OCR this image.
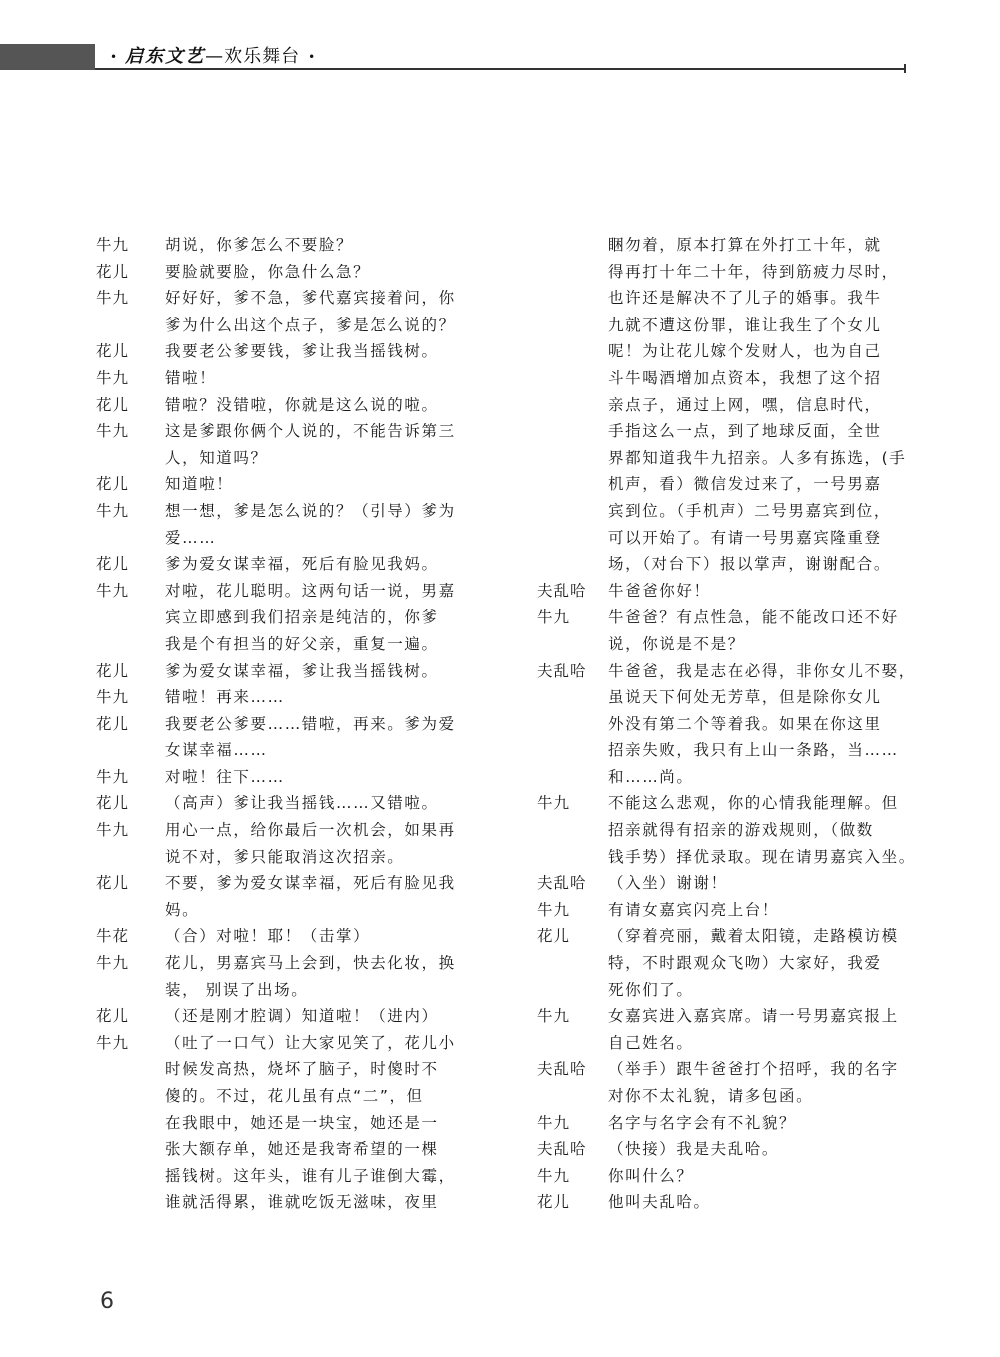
• 启东文艺—欢乐舞台 •
牛九	胡说，你爹怎么不要脸？
花儿	要脸就要脸，你急什么急？
牛九	好好好，爹不急，爹代嘉宾接着问，你
爹为什么出这个点子，爹是怎么说的？
花儿	我要老公爹要钱，爹让我当摇钱树。
牛九	错啦！
花儿	错啦？没错啦，你就是这么说的啦。
牛九	这是爹跟你俩个人说的，不能告诉第三
人，知道吗？
花儿	知道啦！
牛九	想一想，爹是怎么说的？（引导）爹为
爱……
花儿	爹为爱女谋幸福，死后有脸见我妈。
牛九	对啦，花儿聪明。这两句话一说，男嘉
宾立即感到我们招亲是纯洁的，你爹
我是个有担当的好父亲，重复一遍。
花儿	爹为爱女谋幸福，爹让我当摇钱树。
牛九	错啦！再来……
花儿	我要老公爹要……错啦，再来。爹为爱
女谋幸福……
牛九	对啦！往下……
花儿	（高声）爹让我当摇钱……又错啦。
牛九	用心一点，给你最后一次机会，如果再
说不对，爹只能取消这次招亲。
花儿	不要，爹为爱女谋幸福，死后有脸见我
妈。
牛花	（合）对啦！耶！（击掌）
牛九	花儿，男嘉宾马上会到，快去化妆，换
装， 别误了出场。
花儿	（还是刚才腔调）知道啦！（进内）
牛九	（吐了一口气）让大家见笑了，花儿小
时候发高热，烧坏了脑子，时傻时不
傻的。不过，花儿虽有点“二”，但
在我眼中，她还是一块宝，她还是一
张大额存单，她还是我寄希望的一棵
摇钱树。这年头，谁有儿子谁倒大霉，
谁就活得累，谁就吃饭无滋味，夜里
睏勿着，原本打算在外打工十年，就
得再打十年二十年，待到筋疲力尽时，
也许还是解决不了儿子的婚事。我牛
九就不遭这份罪，谁让我生了个女儿
呢！为让花儿嫁个发财人，也为自己
斗牛喝酒增加点资本，我想了这个招
亲点子，通过上网，嘿，信息时代，
手指这么一点，到了地球反面，全世
界都知道我牛九招亲。人多有拣选，(手
机声，看）微信发过来了，一号男嘉
宾到位。（手机声）二号男嘉宾到位，
可以开始了。有请一号男嘉宾隆重登
场，（对台下）报以掌声，谢谢配合。
夫乱哈	牛爸爸你好！
牛九	牛爸爸？有点性急，能不能改口还不好
说，你说是不是？
夫乱哈	牛爸爸，我是志在必得，非你女儿不娶，
虽说天下何处无芳草，但是除你女儿
外没有第二个等着我。如果在你这里
招亲失败，我只有上山一条路，当……
和……尚。
牛九	不能这么悲观，你的心情我能理解。但
招亲就得有招亲的游戏规则，（做数
钱手势）择优录取。现在请男嘉宾入坐。
夫乱哈	（入坐）谢谢！
牛九	有请女嘉宾闪亮上台！
花儿	（穿着亮丽，戴着太阳镜，走路模访模
特，不时跟观众飞吻）大家好，我爱
死你们了。
牛九	女嘉宾进入嘉宾席。请一号男嘉宾报上
自己姓名。
夫乱哈	（举手）跟牛爸爸打个招呼，我的名字
对你不太礼貌，请多包函。
牛九	名字与名字会有不礼貌？
夫乱哈	（快接）我是夫乱哈。
牛九	你叫什么？
花儿	他叫夫乱哈。
6
